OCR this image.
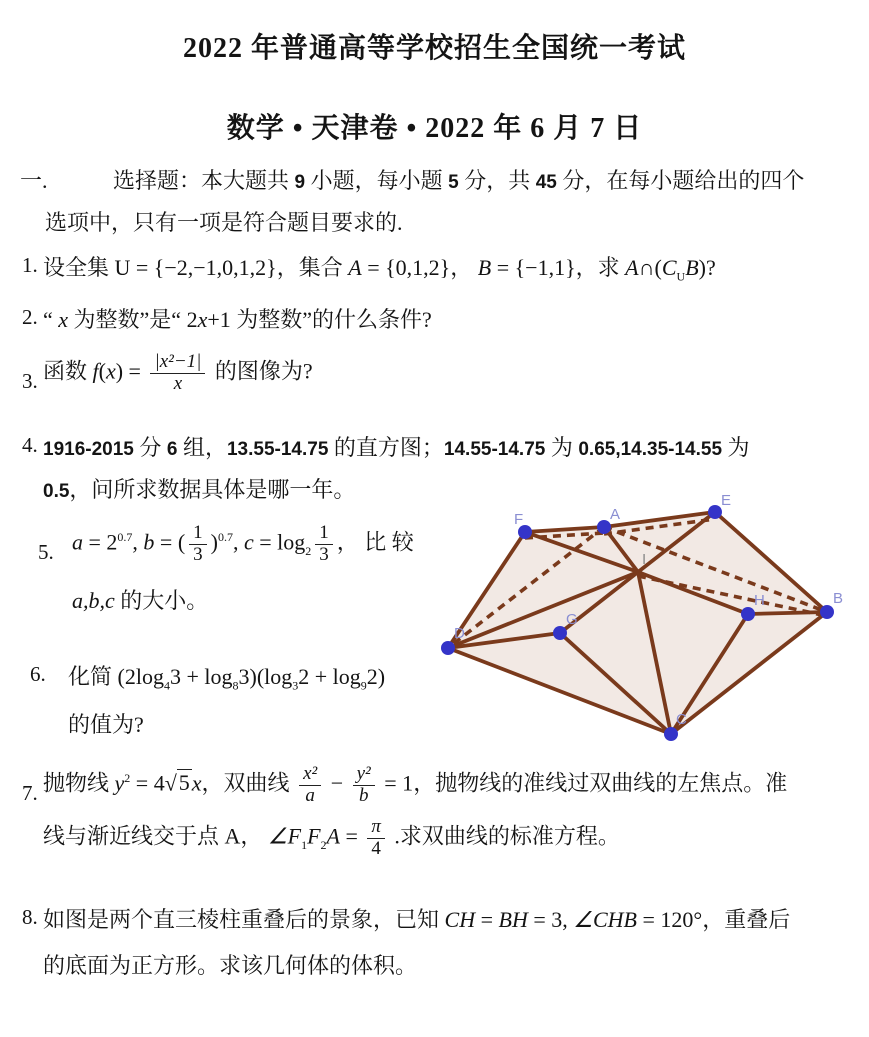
2022 年普通高等学校招生全国统一考试
数学 • 天津卷 • 2022 年 6 月 7 日
一.	选择题：本大题共 9 小题，每小题 5 分，共 45 分，在每小题给出的四个
选项中，只有一项是符合题目要求的.
1. 设全集 U = {−2,−1,0,1,2}，集合 A = {0,1,2}， B = {−1,1}，求 $A\cap(C_UB)$?
2. “ x 为整数”是“ 2x+1 为整数”的什么条件?
3. 函数 $f(x) = \frac{\text{|x²−1|}}{x}$ 的图像为?
4. 1916-2015 分 6 组，13.55-14.75 的直方图；14.55-14.75 为 0.65,14.35-14.55 为
0.5，问所求数据具体是哪一年。
5. $a = 2^{0.7}$, b = ( $\frac{1}{3} )^{0.7}$, $c = \log_2 \frac{1}{3}$ ， 比 较
a,b,c 的大小。
6. 化简 $(2\log_43 + \log_83)(\log_32 + \log_92)$
的值为?
7. 抛物线 $y^2 = 4√5x$，双曲线 $\frac{\text{x²}}{a} - \frac{\text{y²}}{b} = 1$，抛物线的准线过双曲线的左焦点。准
线与渐近线交于点 A， $\angle F_1F_2A = \frac{\pi}{4}$ .求双曲线的标准方程。
8. 如图是两个直三棱柱重叠后的景象，已知 CH = BH = 3, ∠CHB = 120°，重叠后
的底面为正方形。求该几何体的体积。
F	A
E
I
D
G
H	B
C
